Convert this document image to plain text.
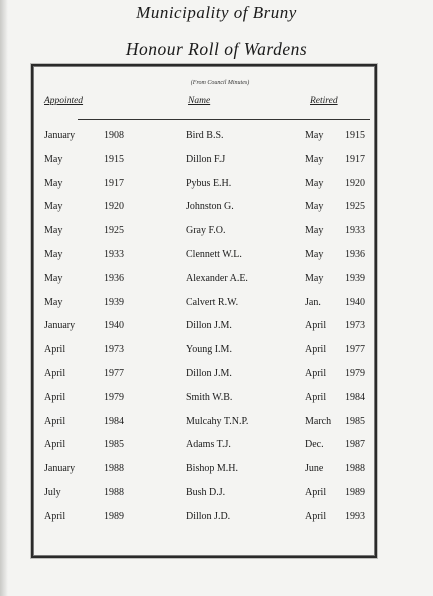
Municipality of Bruny
Honour Roll of Wardens
(From Council Minutes)
Appointed	Name	Retired
January	1908	Bird B.S.	May 1915
May	1915	Dillon F.J	May 1917
May	1917	Pybus E.H.	May 1920
May	1920	Johnston G.	May 1925
May	1925	Gray F.O.	May 1933
May	1933	Clennett W.L.	May 1936
May	1936	Alexander A.E.	May 1939
May	1939	Calvert R.W.	Jan. 1940
January	1940	Dillon J.M.	April 1973
April	1973	Young I.M.	April 1977
April	1977	Dillon J.M.	April 1979
April	1979	Smith W.B.	April 1984
April	1984	Mulcahy T.N.P.	March 1985
April	1985	Adams T.J.	Dec. 1987
January	1988	Bishop M.H.	June 1988
July	1988	Bush D.J.	April 1989
April	1989	Dillon J.D.	April 1993
